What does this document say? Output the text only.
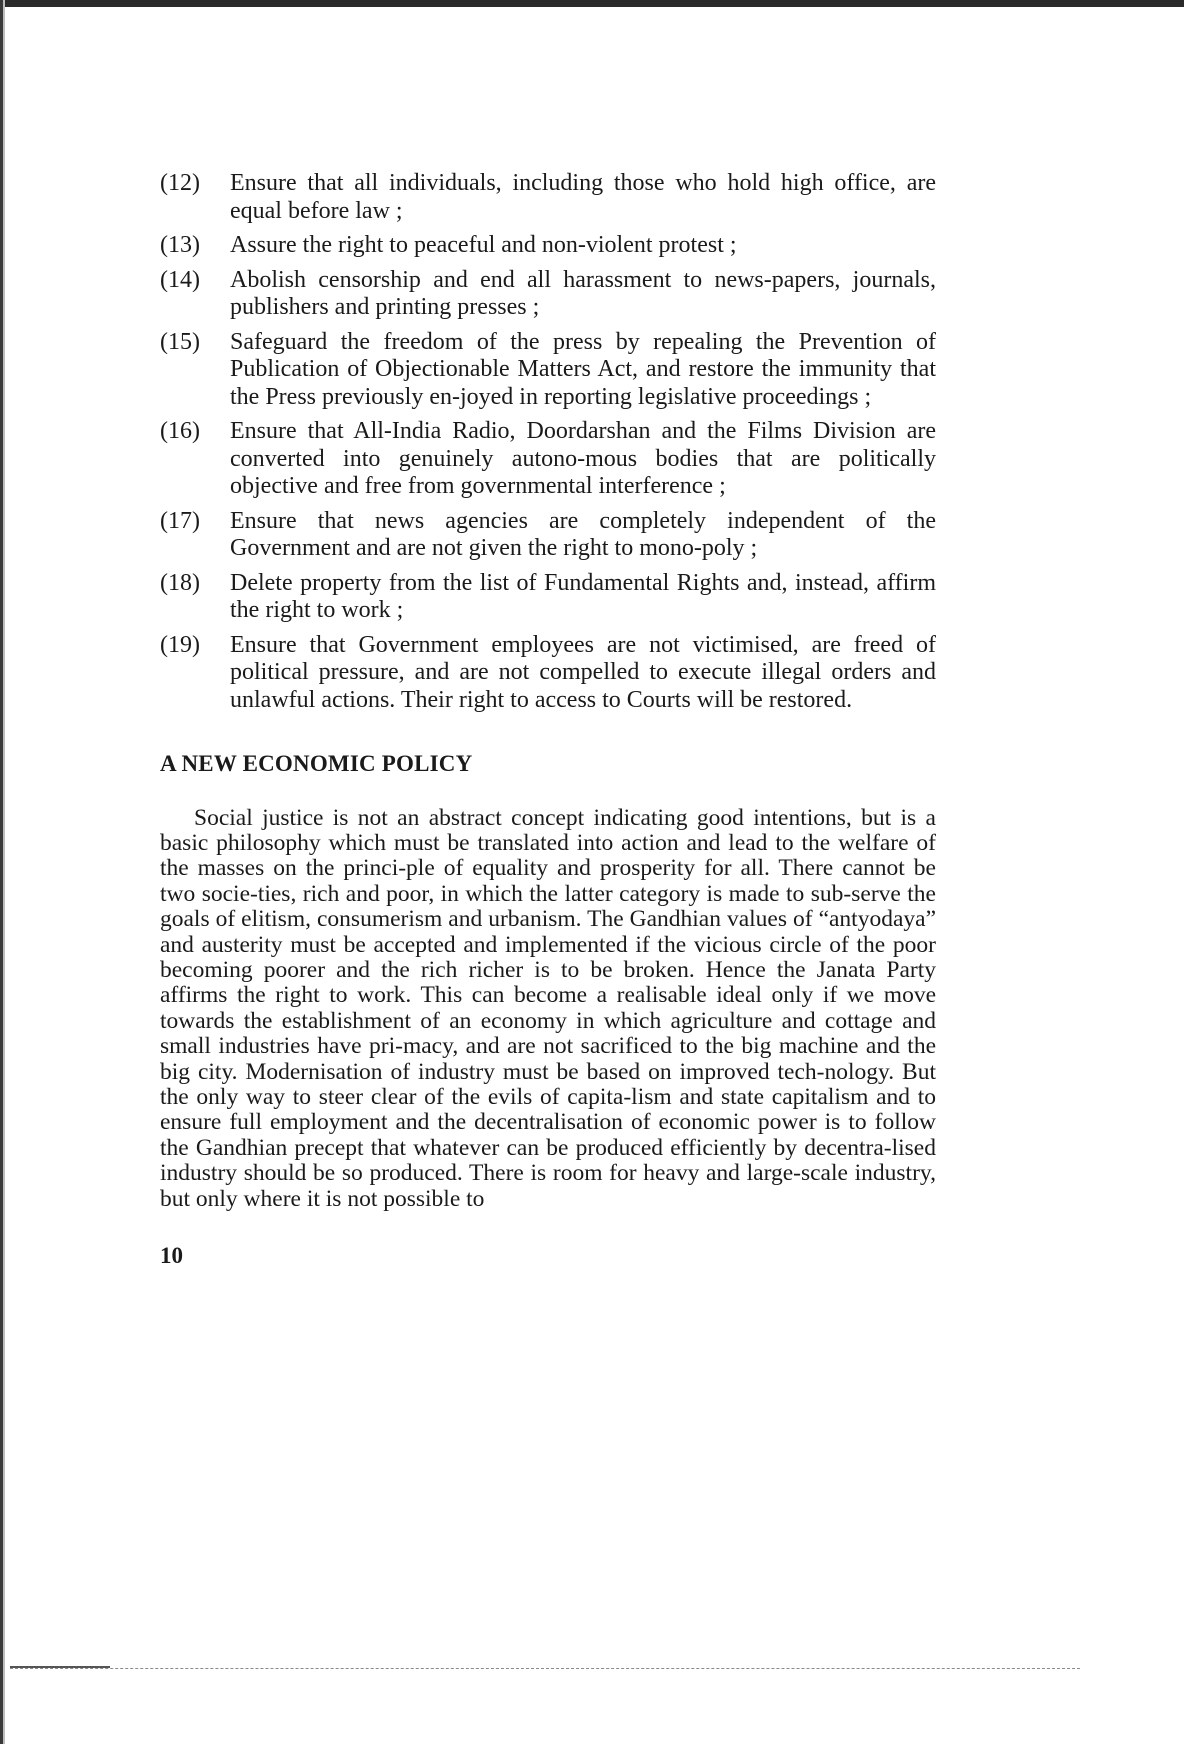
(12)	Ensure that all individuals, including those who hold high office, are equal before law ;
(13)	Assure the right to peaceful and non-violent protest ;
(14)	Abolish censorship and end all harassment to news-papers, journals, publishers and printing presses ;
(15)	Safeguard the freedom of the press by repealing the Prevention of Publication of Objectionable Matters Act, and restore the immunity that the Press previously en-joyed in reporting legislative proceedings ;
(16)	Ensure that All-India Radio, Doordarshan and the Films Division are converted into genuinely autono-mous bodies that are politically objective and free from governmental interference ;
(17)	Ensure that news agencies are completely independent of the Government and are not given the right to mono-poly ;
(18)	Delete property from the list of Fundamental Rights and, instead, affirm the right to work ;
(19)	Ensure that Government employees are not victimised, are freed of political pressure, and are not compelled to execute illegal orders and unlawful actions. Their right to access to Courts will be restored.
A NEW ECONOMIC POLICY

Social justice is not an abstract concept indicating good intentions, but is a basic philosophy which must be translated into action and lead to the welfare of the masses on the princi-ple of equality and prosperity for all. There cannot be two socie-ties, rich and poor, in which the latter category is made to sub-serve the goals of elitism, consumerism and urbanism. The Gandhian values of “antyodaya” and austerity must be accepted and implemented if the vicious circle of the poor becoming poorer and the rich richer is to be broken. Hence the Janata Party affirms the right to work. This can become a realisable ideal only if we move towards the establishment of an economy in which agriculture and cottage and small industries have pri-macy, and are not sacrificed to the big machine and the big city. Modernisation of industry must be based on improved tech-nology. But the only way to steer clear of the evils of capita-lism and state capitalism and to ensure full employment and the decentralisation of economic power is to follow the Gandhian precept that whatever can be produced efficiently by decentra-lised industry should be so produced. There is room for heavy and large-scale industry, but only where it is not possible to

10
